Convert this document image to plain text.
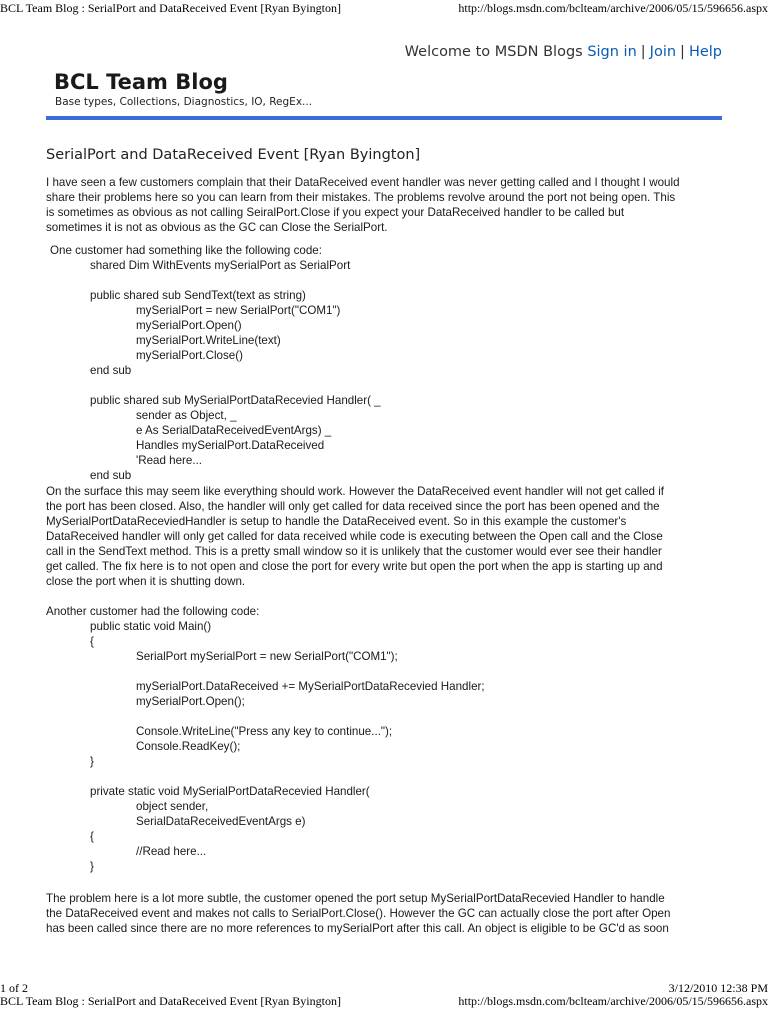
BCL Team Blog : SerialPort and DataReceived Event [Ryan Byington]	http://blogs.msdn.com/bclteam/archive/2006/05/15/596656.aspx
Welcome to MSDN Blogs Sign in | Join | Help
BCL Team Blog
Base types, Collections, Diagnostics, IO, RegEx...
SerialPort and DataReceived Event [Ryan Byington]
I have seen a few customers complain that their DataReceived event handler was never getting called and I thought I would
share their problems here so you can learn from their mistakes. The problems revolve around the port not being open. This
is sometimes as obvious as not calling SeiralPort.Close if you expect your DataReceived handler to be called but
sometimes it is not as obvious as the GC can Close the SerialPort.
One customer had something like the following code:
shared Dim WithEvents mySerialPort as SerialPort
public shared sub SendText(text as string)
mySerialPort = new SerialPort("COM1")
mySerialPort.Open()
mySerialPort.WriteLine(text)
mySerialPort.Close()
end sub
public shared sub MySerialPortDataRecevied Handler( _
sender as Object, _
e As SerialDataReceivedEventArgs) _
Handles mySerialPort.DataReceived
'Read here...
end sub
On the surface this may seem like everything should work. However the DataReceived event handler will not get called if
the port has been closed. Also, the handler will only get called for data received since the port has been opened and the
MySerialPortDataReceviedHandler is setup to handle the DataReceived event. So in this example the customer's
DataReceived handler will only get called for data received while code is executing between the Open call and the Close
call in the SendText method. This is a pretty small window so it is unlikely that the customer would ever see their handler
get called. The fix here is to not open and close the port for every write but open the port when the app is starting up and
close the port when it is shutting down.
Another customer had the following code:
public static void Main()
{
SerialPort mySerialPort = new SerialPort("COM1");
mySerialPort.DataReceived += MySerialPortDataRecevied Handler;
mySerialPort.Open();
Console.WriteLine("Press any key to continue...");
Console.ReadKey();
}
private static void MySerialPortDataRecevied Handler(
object sender,
SerialDataReceivedEventArgs e)
{
//Read here...
}
The problem here is a lot more subtle, the customer opened the port setup MySerialPortDataRecevied Handler to handle
the DataReceived event and makes not calls to SerialPort.Close(). However the GC can actually close the port after Open
has been called since there are no more references to mySerialPort after this call. An object is eligible to be GC'd as soon
1 of 2	3/12/2010 12:38 PM
BCL Team Blog : SerialPort and DataReceived Event [Ryan Byington]	http://blogs.msdn.com/bclteam/archive/2006/05/15/596656.aspx
